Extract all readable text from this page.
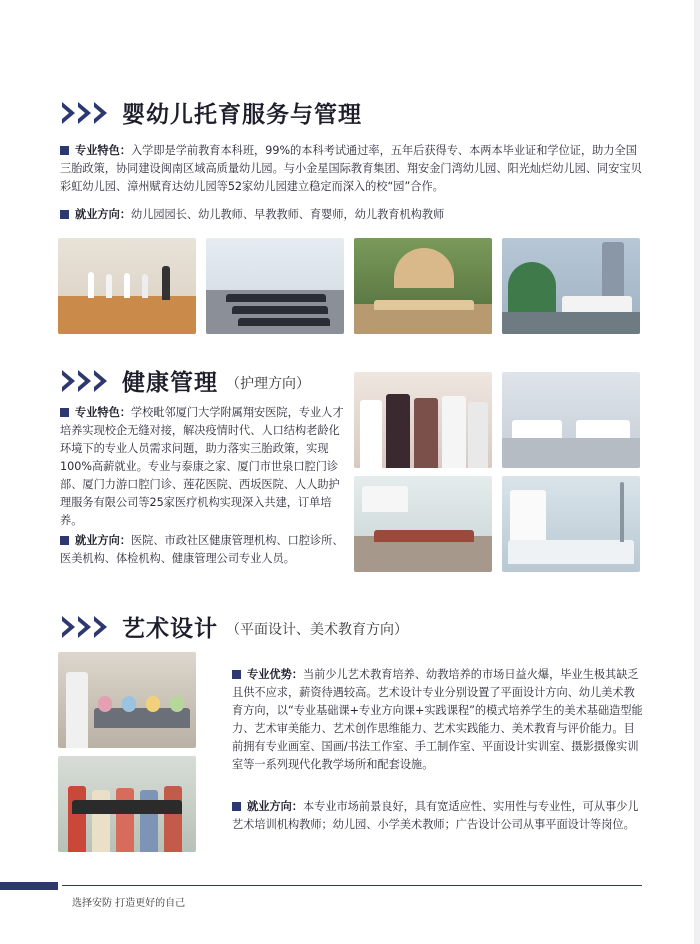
婴幼儿托育服务与管理
专业特色：入学即是学前教育本科班，99%的本科考试通过率，五年后获得专、本两本毕业证和学位证，助力全国三胎政策，协同建设闽南区域高质量幼儿园。与小金星国际教育集团、翔安金门湾幼儿园、阳光灿烂幼儿园、同安宝贝彩虹幼儿园、漳州赋育达幼儿园等52家幼儿园建立稳定而深入的校“园”合作。
就业方向：幼儿园园长、幼儿教师、早教教师、育婴师，幼儿教育机构教师
健康管理 （护理方向）
专业特色：学校毗邻厦门大学附属翔安医院，专业人才培养实现校企无缝对接，解决疫情时代、人口结构老龄化环境下的专业人员需求问题，助力落实三胎政策，实现100%高薪就业。专业与泰康之家、厦门市世泉口腔门诊部、厦门力游口腔门诊、莲花医院、西坂医院、人人助护理服务有限公司等25家医疗机构实现深入共建，订单培养。
就业方向：医院、市政社区健康管理机构、口腔诊所、医美机构、体检机构、健康管理公司专业人员。
艺术设计 （平面设计、美术教育方向）
专业优势：当前少儿艺术教育培养、幼教培养的市场日益火爆，毕业生极其缺乏且供不应求，薪资待遇较高。艺术设计专业分别设置了平面设计方向、幼儿美术教育方向，以“专业基础课+专业方向课+实践课程”的模式培养学生的美术基础造型能力、艺术审美能力、艺术创作思维能力、艺术实践能力、美术教育与评价能力。目前拥有专业画室、国画/书法工作室、手工制作室、平面设计实训室、摄影摄像实训室等一系列现代化教学场所和配套设施。
就业方向：本专业市场前景良好，具有宽适应性、实用性与专业性，可从事少儿艺术培训机构教师；幼儿园、小学美术教师；广告设计公司从事平面设计等岗位。
选择安防 打造更好的自己
